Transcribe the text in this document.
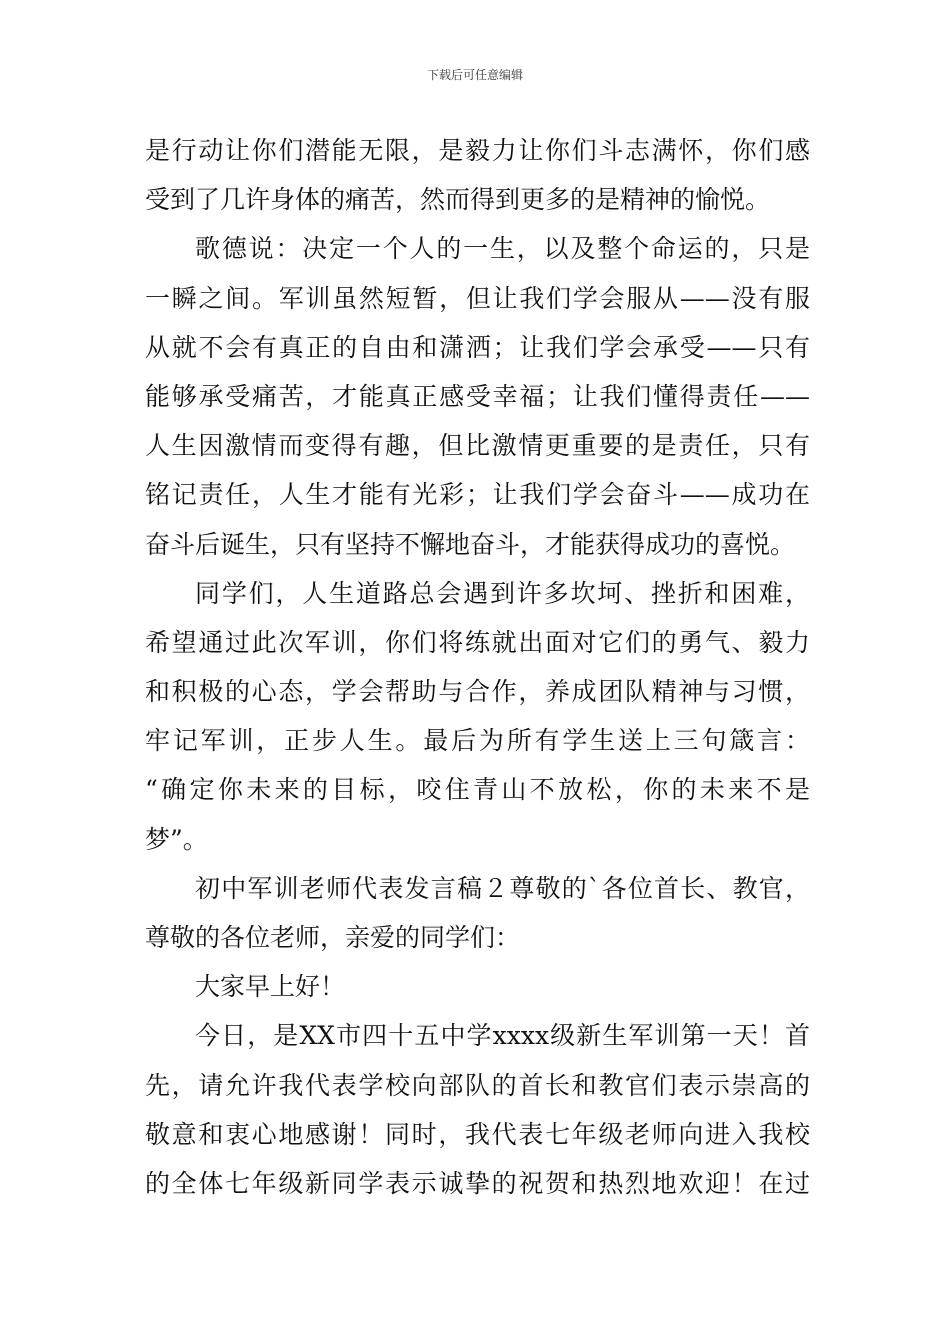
下载后可任意编辑
是行动让你们潜能无限，是毅力让你们斗志满怀，你们感
受到了几许身体的痛苦，然而得到更多的是精神的愉悦。
歌德说：决定一个人的一生，以及整个命运的，只是
一瞬之间。军训虽然短暂，但让我们学会服从——没有服
从就不会有真正的自由和潇洒；让我们学会承受——只有
能够承受痛苦，才能真正感受幸福；让我们懂得责任——
人生因激情而变得有趣，但比激情更重要的是责任，只有
铭记责任，人生才能有光彩；让我们学会奋斗——成功在
奋斗后诞生，只有坚持不懈地奋斗，才能获得成功的喜悦。
同学们，人生道路总会遇到许多坎坷、挫折和困难，
希望通过此次军训，你们将练就出面对它们的勇气、毅力
和积极的心态，学会帮助与合作，养成团队精神与习惯，
牢记军训，正步人生。最后为所有学生送上三句箴言：
“确定你未来的目标，咬住青山不放松，你的未来不是
梦”。
初中军训老师代表发言稿２尊敬的`各位首长、教官，
尊敬的各位老师，亲爱的同学们：
大家早上好！
今日，是XX市四十五中学xxxx级新生军训第一天！首
先，请允许我代表学校向部队的首长和教官们表示崇高的
敬意和衷心地感谢！同时，我代表七年级老师向进入我校
的全体七年级新同学表示诚挚的祝贺和热烈地欢迎！在过
